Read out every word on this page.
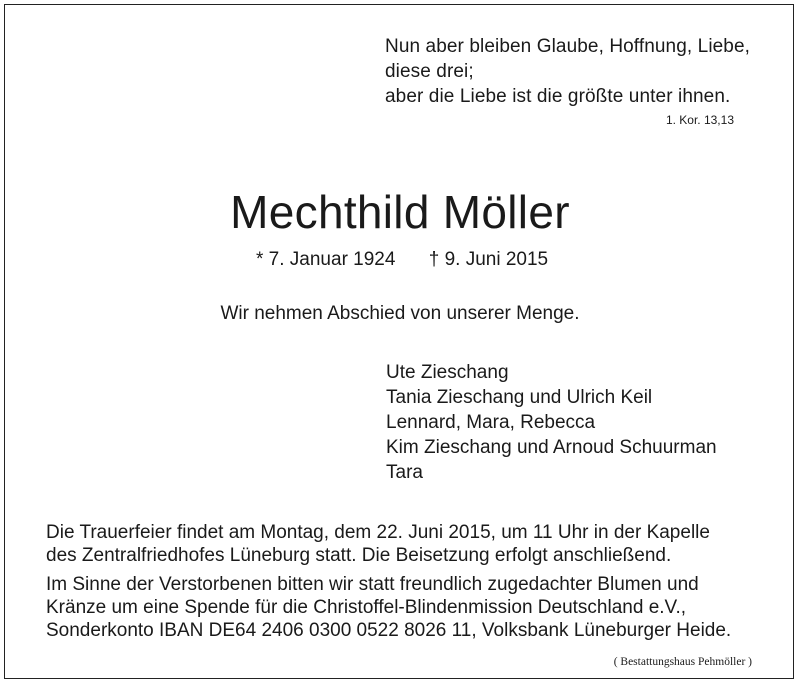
Nun aber bleiben Glaube, Hoffnung, Liebe,
diese drei;
aber die Liebe ist die größte unter ihnen.
1. Kor. 13,13
Mechthild Möller
* 7. Januar 1924 † 9. Juni 2015
Wir nehmen Abschied von unserer Menge.
Ute Zieschang
Tania Zieschang und Ulrich Keil
Lennard, Mara, Rebecca
Kim Zieschang und Arnoud Schuurman
Tara
Die Trauerfeier findet am Montag, dem 22. Juni 2015, um 11 Uhr in der Kapelle
des Zentralfriedhofes Lüneburg statt. Die Beisetzung erfolgt anschließend.
Im Sinne der Verstorbenen bitten wir statt freundlich zugedachter Blumen und
Kränze um eine Spende für die Christoffel-Blindenmission Deutschland e.V.,
Sonderkonto IBAN DE64 2406 0300 0522 8026 11, Volksbank Lüneburger Heide.
( Bestattungshaus Pehmöller )
